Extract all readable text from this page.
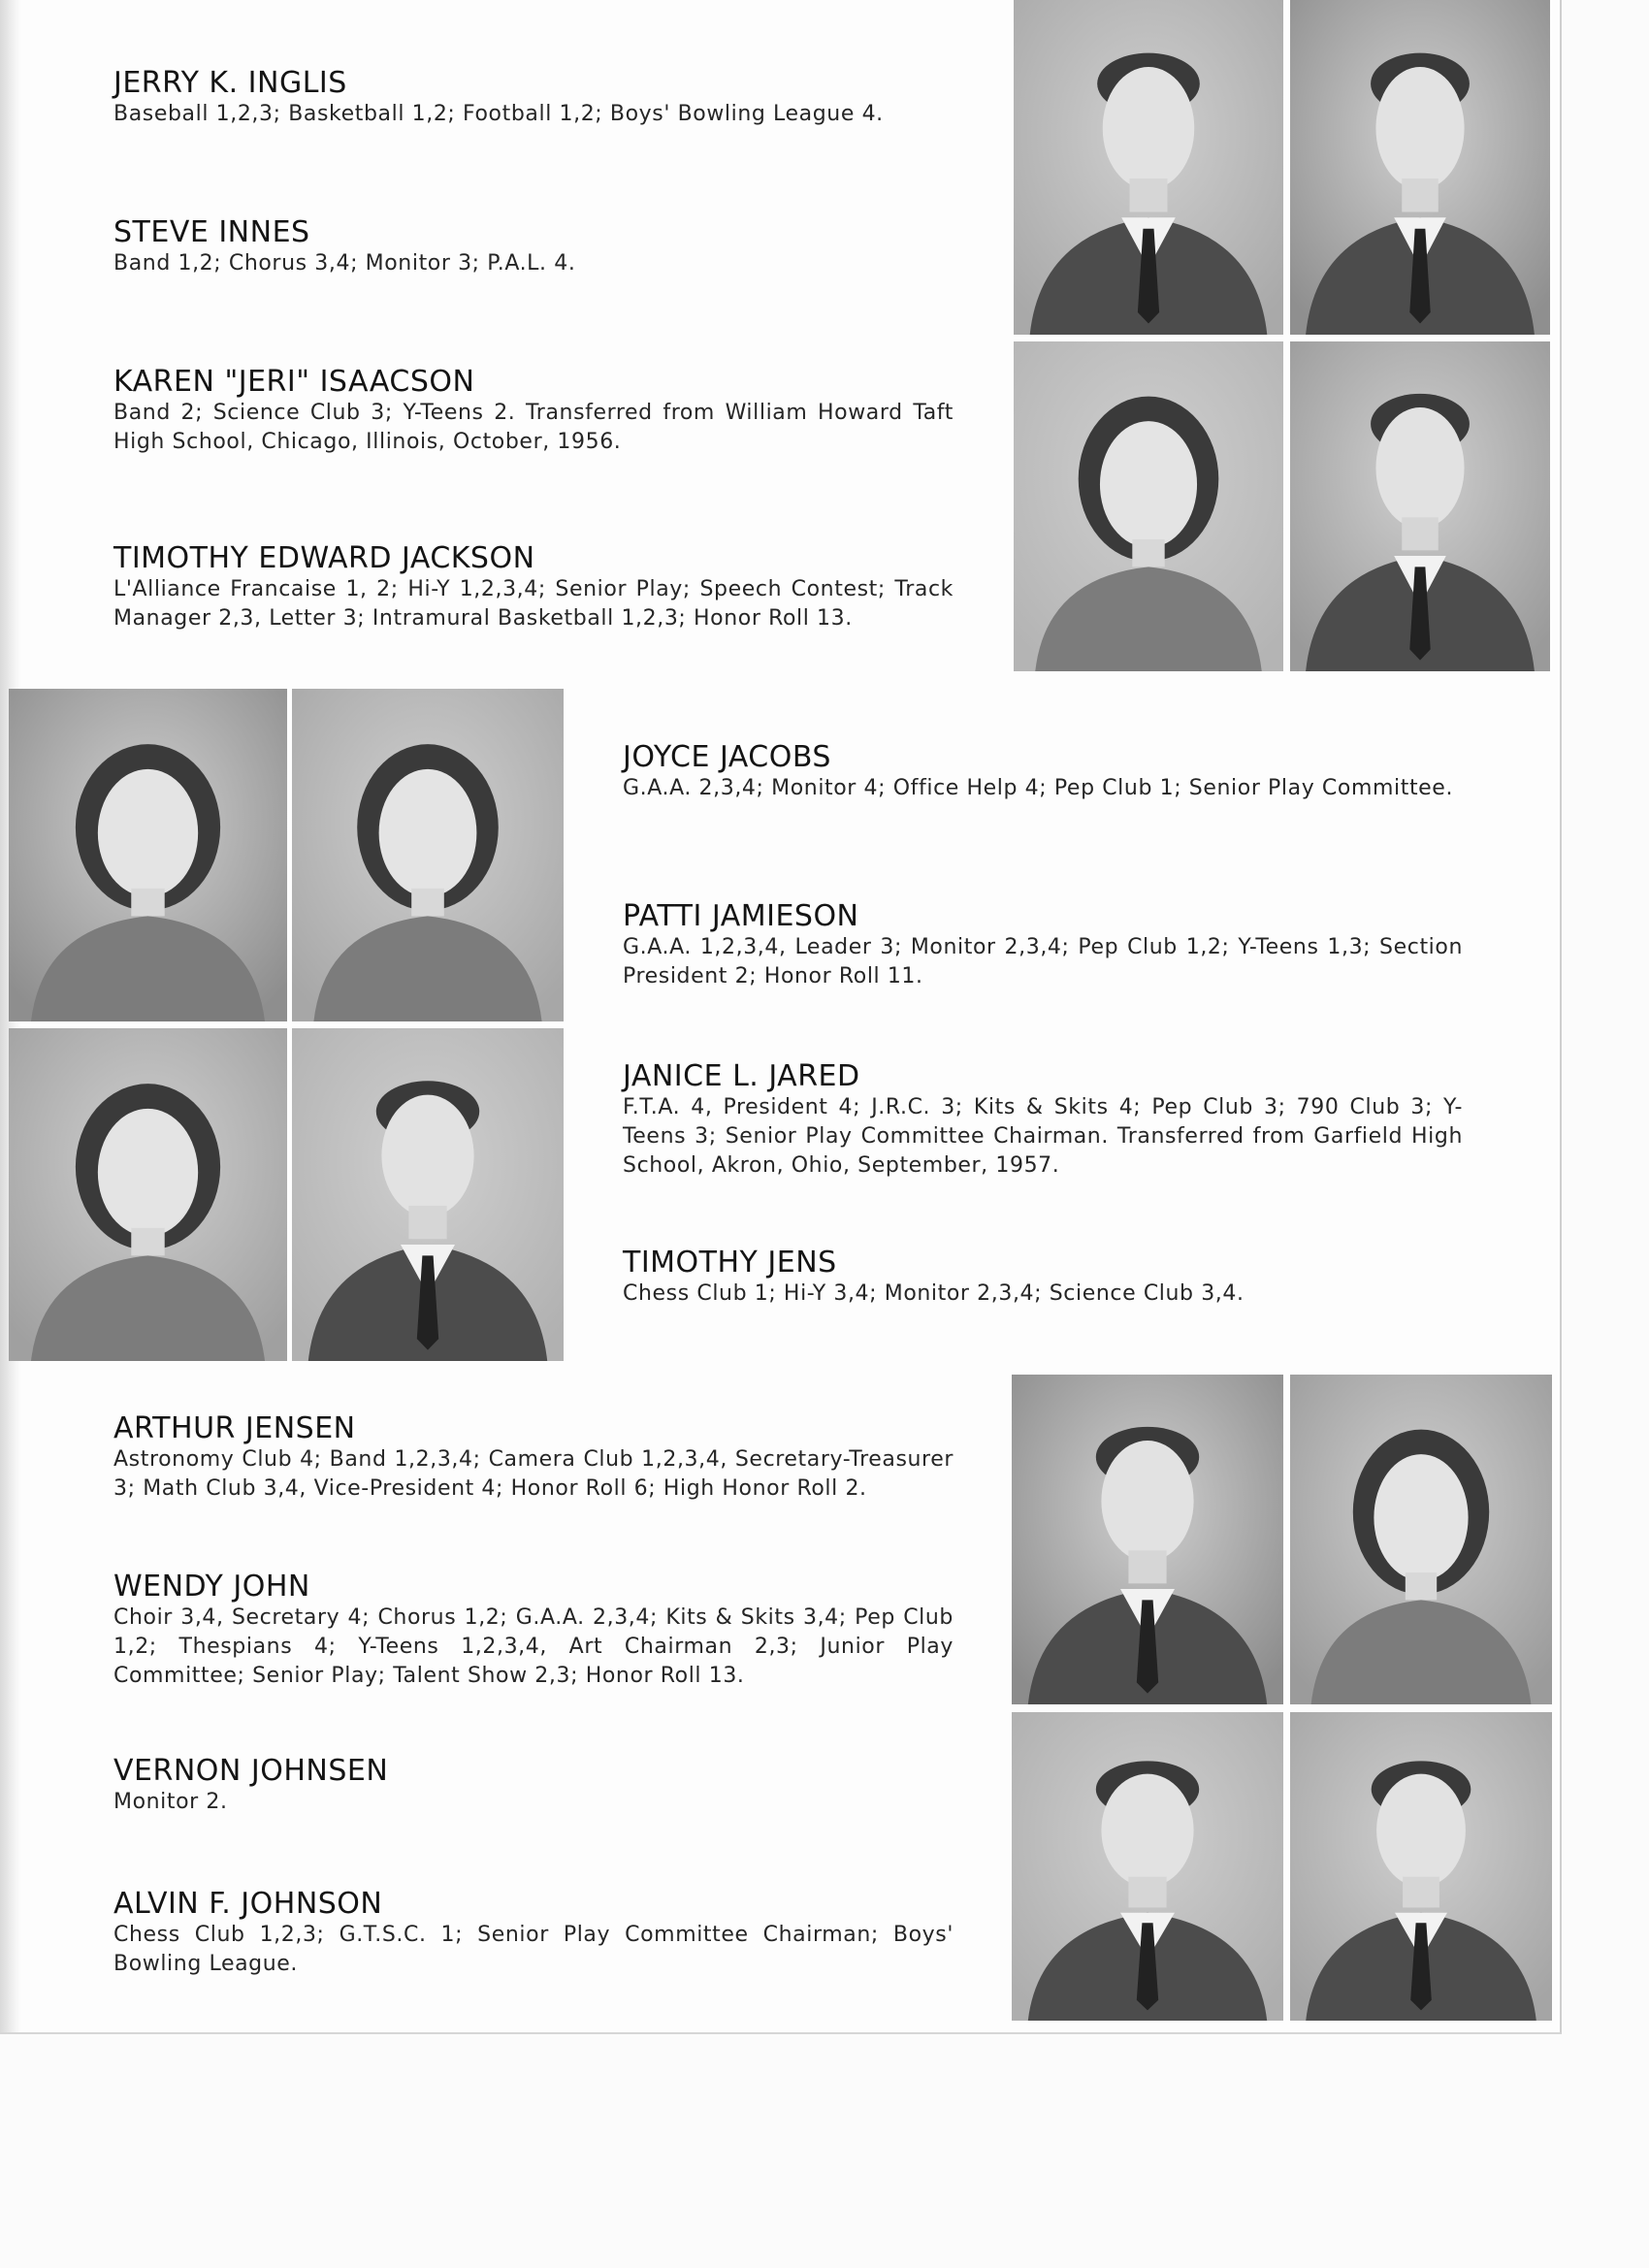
JERRY K. INGLIS
Baseball 1,2,3; Basketball 1,2; Football 1,2; Boys' Bowling League 4.
STEVE INNES
Band 1,2; Chorus 3,4; Monitor 3; P.A.L. 4.
KAREN "JERI" ISAACSON
Band 2; Science Club 3; Y-Teens 2. Transferred from William Howard Taft High School, Chicago, Illinois, October, 1956.
TIMOTHY EDWARD JACKSON
L'Alliance Francaise 1, 2; Hi-Y 1,2,3,4; Senior Play; Speech Contest; Track Manager 2,3, Letter 3; Intramural Basketball 1,2,3; Honor Roll 13.
JOYCE JACOBS
G.A.A. 2,3,4; Monitor 4; Office Help 4; Pep Club 1; Senior Play Committee.
PATTI JAMIESON
G.A.A. 1,2,3,4, Leader 3; Monitor 2,3,4; Pep Club 1,2; Y-Teens 1,3; Section President 2; Honor Roll 11.
JANICE L. JARED
F.T.A. 4, President 4; J.R.C. 3; Kits & Skits 4; Pep Club 3; 790 Club 3; Y-Teens 3; Senior Play Committee Chairman. Transferred from Garfield High School, Akron, Ohio, September, 1957.
TIMOTHY JENS
Chess Club 1; Hi-Y 3,4; Monitor 2,3,4; Science Club 3,4.
ARTHUR JENSEN
Astronomy Club 4; Band 1,2,3,4; Camera Club 1,2,3,4, Secretary-Treasurer 3; Math Club 3,4, Vice-President 4; Honor Roll 6; High Honor Roll 2.
WENDY JOHN
Choir 3,4, Secretary 4; Chorus 1,2; G.A.A. 2,3,4; Kits & Skits 3,4; Pep Club 1,2; Thespians 4; Y-Teens 1,2,3,4, Art Chairman 2,3; Junior Play Committee; Senior Play; Talent Show 2,3; Honor Roll 13.
VERNON JOHNSEN
Monitor 2.
ALVIN F. JOHNSON
Chess Club 1,2,3; G.T.S.C. 1; Senior Play Committee Chairman; Boys' Bowling League.
